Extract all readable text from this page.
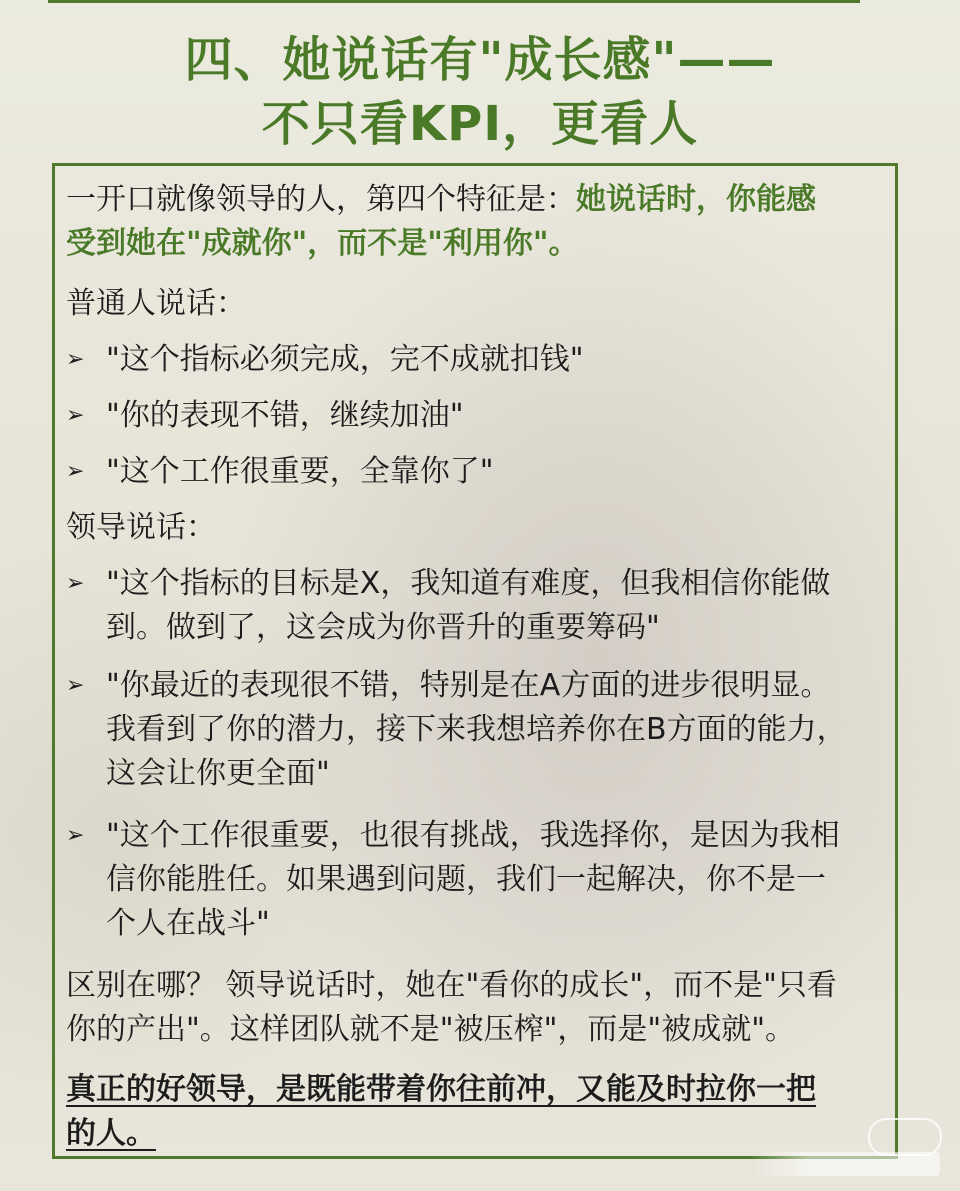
四、她说话有"成长感"——
不只看KPI，更看人
一开口就像领导的人，第四个特征是：她说话时，你能感
受到她在"成就你"，而不是"利用你"。
普通人说话：
➢ "这个指标必须完成，完不成就扣钱"
➢ "你的表现不错，继续加油"
➢ "这个工作很重要，全靠你了"
领导说话：
➢ "这个指标的目标是X，我知道有难度，但我相信你能做
到。做到了，这会成为你晋升的重要筹码"
➢ "你最近的表现很不错，特别是在A方面的进步很明显。
我看到了你的潜力，接下来我想培养你在B方面的能力，
这会让你更全面"
➢ "这个工作很重要，也很有挑战，我选择你，是因为我相
信你能胜任。如果遇到问题，我们一起解决，你不是一
个人在战斗"
区别在哪？ 领导说话时，她在"看你的成长"，而不是"只看
你的产出"。这样团队就不是"被压榨"，而是"被成就"。
真正的好领导，是既能带着你往前冲，又能及时拉你一把
的人。
